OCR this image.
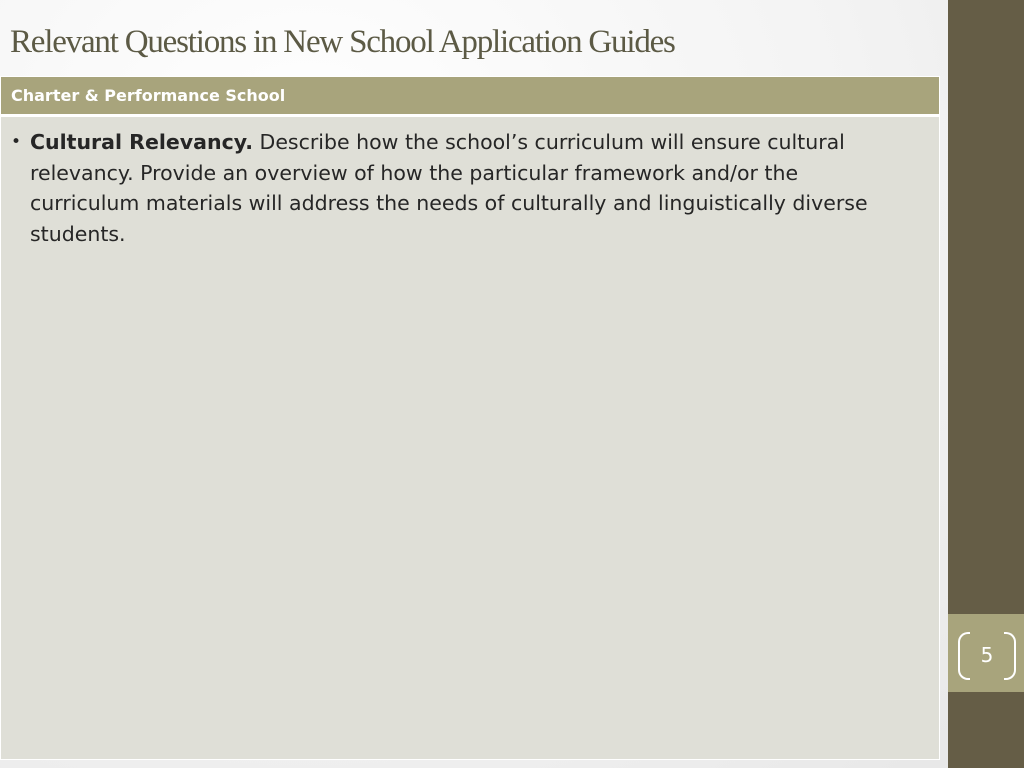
Relevant Questions in New School Application Guides
Charter & Performance School
• Cultural Relevancy. Describe how the school’s curriculum will ensure cultural relevancy. Provide an overview of how the particular framework and/or the curriculum materials will address the needs of culturally and linguistically diverse students.
5
